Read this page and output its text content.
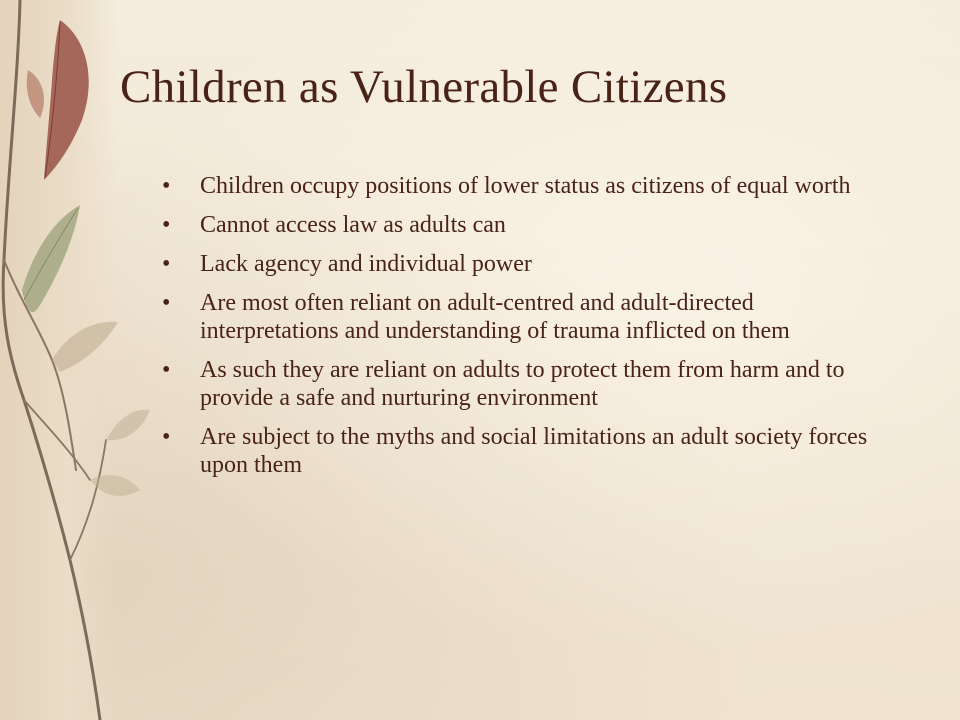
Children as Vulnerable Citizens
• Children occupy positions of lower status as citizens of equal worth
• Cannot access law as adults can
• Lack agency and individual power
• Are most often reliant on adult-centred and adult-directed interpretations and understanding of trauma inflicted on them
• As such they are reliant on adults to protect them from harm and to provide a safe and nurturing environment
• Are subject to the myths and social limitations an adult society forces upon them
